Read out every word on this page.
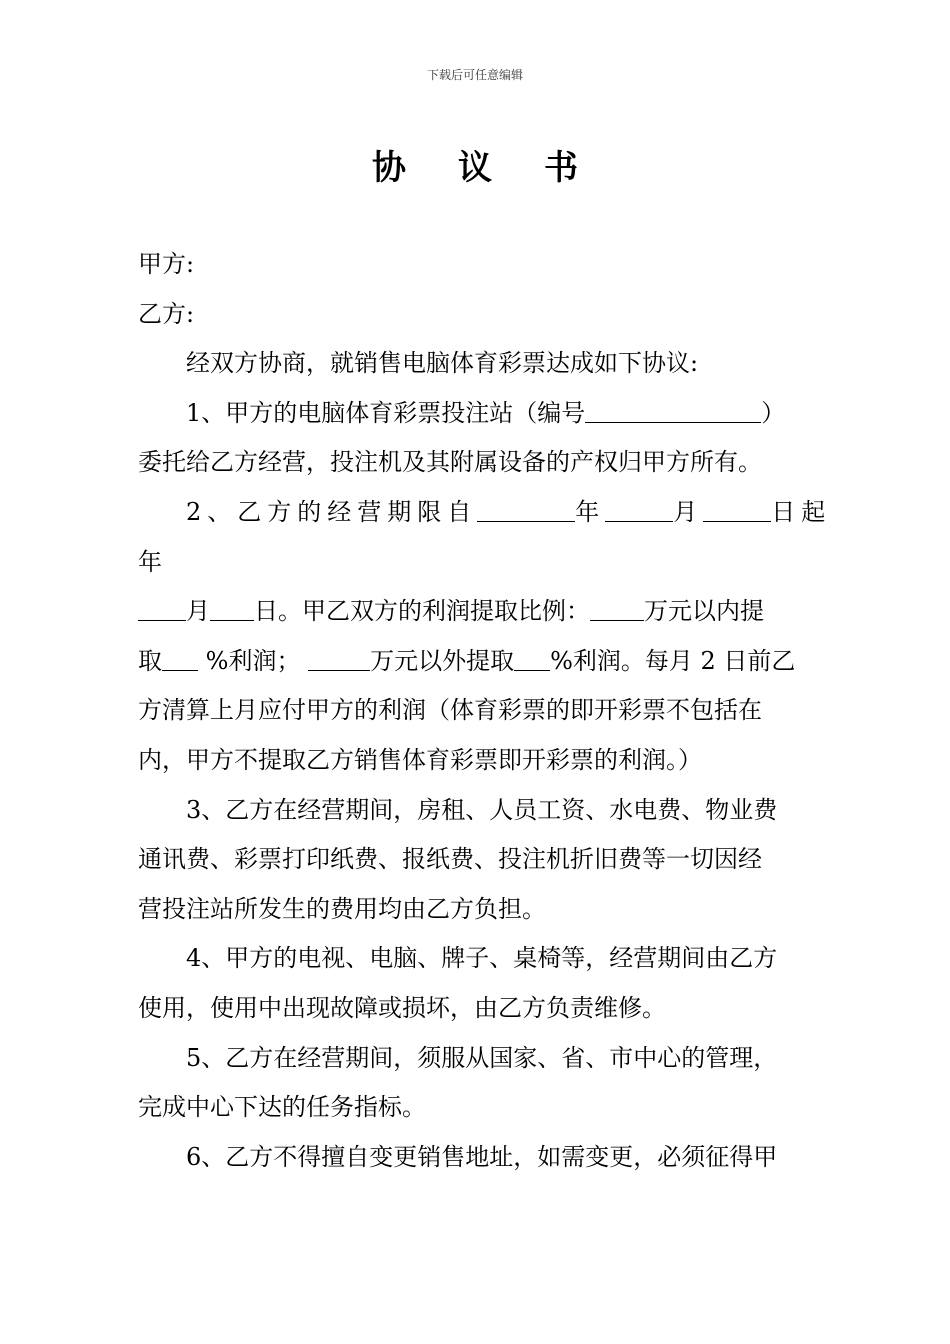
下载后可任意编辑
协 议 书
甲方:
乙方:
经双方协商，就销售电脑体育彩票达成如下协议:
1、甲方的电脑体育彩票投注站（编号	）
委托给乙方经营，投注机及其附属设备的产权归甲方所有。
2、乙方的经营期限自	年	月	日起
年
月 日。甲乙双方的利润提取比例： 万元以内提
取 %利润；	万元以外提取 %利润。每月 2 日前乙
方清算上月应付甲方的利润（体育彩票的即开彩票不包括在
内，甲方不提取乙方销售体育彩票即开彩票的利润。）
3、乙方在经营期间，房租、人员工资、水电费、物业费
通讯费、彩票打印纸费、报纸费、投注机折旧费等一切因经
营投注站所发生的费用均由乙方负担。
4、甲方的电视、电脑、牌子、桌椅等，经营期间由乙方
使用，使用中出现故障或损坏，由乙方负责维修。
5、乙方在经营期间，须服从国家、省、市中心的管理，
完成中心下达的任务指标。
6、乙方不得擅自变更销售地址，如需变更，必须征得甲
